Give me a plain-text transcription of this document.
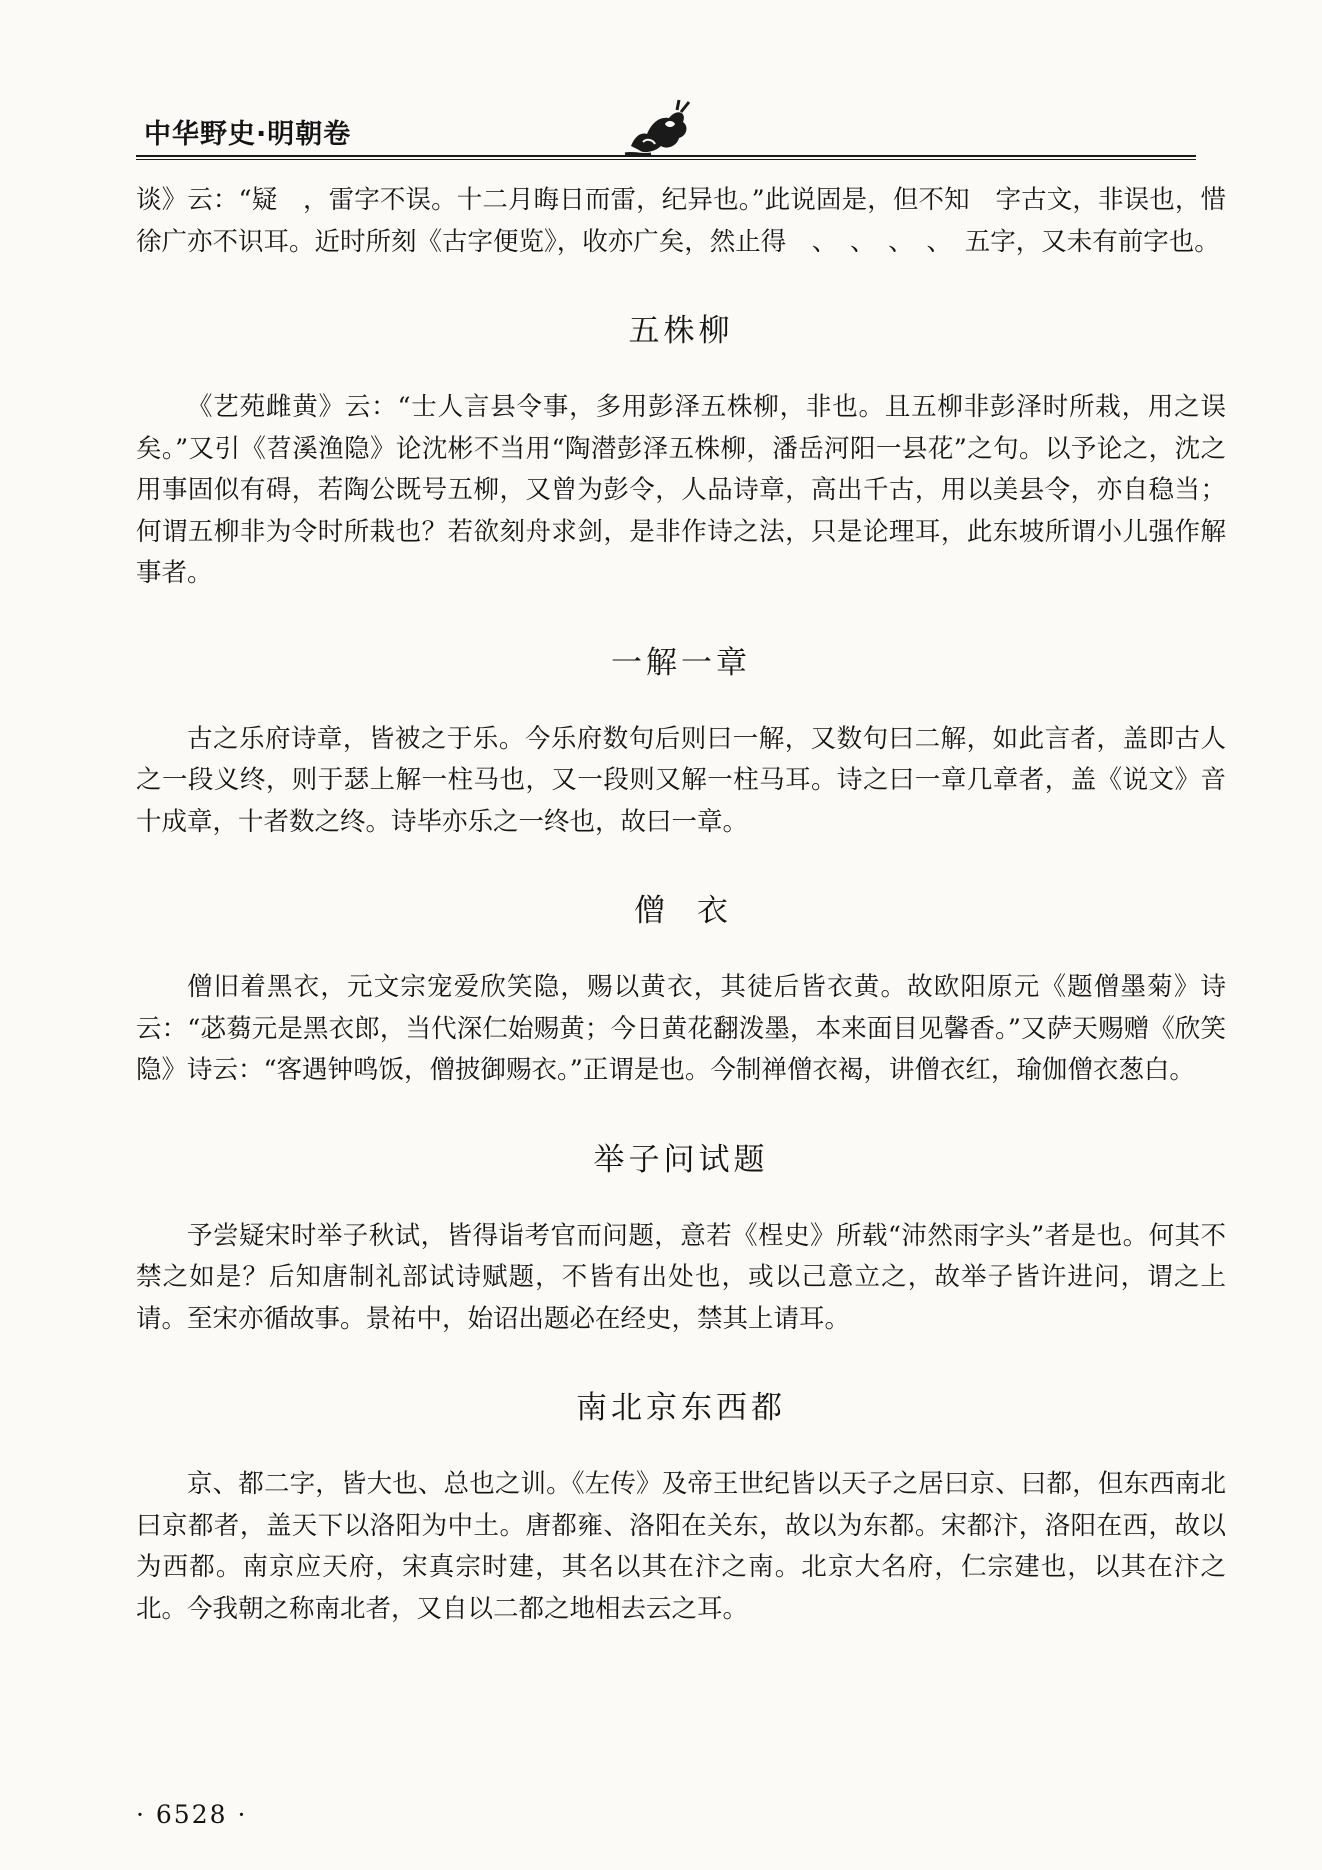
中华野史·明朝卷

谈》云：“疑　，雷字不误。十二月晦日而雷，纪异也。”此说固是，但不知　字古文，非误也，惜徐广亦不识耳。近时所刻《古字便览》，收亦广矣，然止得　、　、　、　、　五字，又未有前字也。

五株柳

《艺苑雌黄》云：“士人言县令事，多用彭泽五株柳，非也。且五柳非彭泽时所栽，用之误矣。”又引《苕溪渔隐》论沈彬不当用“陶潜彭泽五株柳，潘岳河阳一县花”之句。以予论之，沈之用事固似有碍，若陶公既号五柳，又曾为彭令，人品诗章，高出千古，用以美县令，亦自稳当；何谓五柳非为令时所栽也？若欲刻舟求剑，是非作诗之法，只是论理耳，此东坡所谓小儿强作解事者。

一解一章

古之乐府诗章，皆被之于乐。今乐府数句后则曰一解，又数句曰二解，如此言者，盖即古人之一段义终，则于瑟上解一柱马也，又一段则又解一柱马耳。诗之曰一章几章者，盖《说文》音十成章，十者数之终。诗毕亦乐之一终也，故曰一章。

僧衣

僧旧着黑衣，元文宗宠爱欣笑隐，赐以黄衣，其徒后皆衣黄。故欧阳原元《题僧墨菊》诗云：“苾蒭元是黑衣郎，当代深仁始赐黄；今日黄花翻泼墨，本来面目见馨香。”又萨天赐赠《欣笑隐》诗云：“客遇钟鸣饭，僧披御赐衣。”正谓是也。今制禅僧衣褐，讲僧衣红，瑜伽僧衣葱白。

举子问试题

予尝疑宋时举子秋试，皆得诣考官而问题，意若《桯史》所载“沛然雨字头”者是也。何其不禁之如是？后知唐制礼部试诗赋题，不皆有出处也，或以己意立之，故举子皆许进问，谓之上请。至宋亦循故事。景祐中，始诏出题必在经史，禁其上请耳。

南北京东西都

京、都二字，皆大也、总也之训。《左传》及帝王世纪皆以天子之居曰京、曰都，但东西南北曰京都者，盖天下以洛阳为中土。唐都雍、洛阳在关东，故以为东都。宋都汴，洛阳在西，故以为西都。南京应天府，宋真宗时建，其名以其在汴之南。北京大名府，仁宗建也，以其在汴之北。今我朝之称南北者，又自以二都之地相去云之耳。

· 6528 ·
